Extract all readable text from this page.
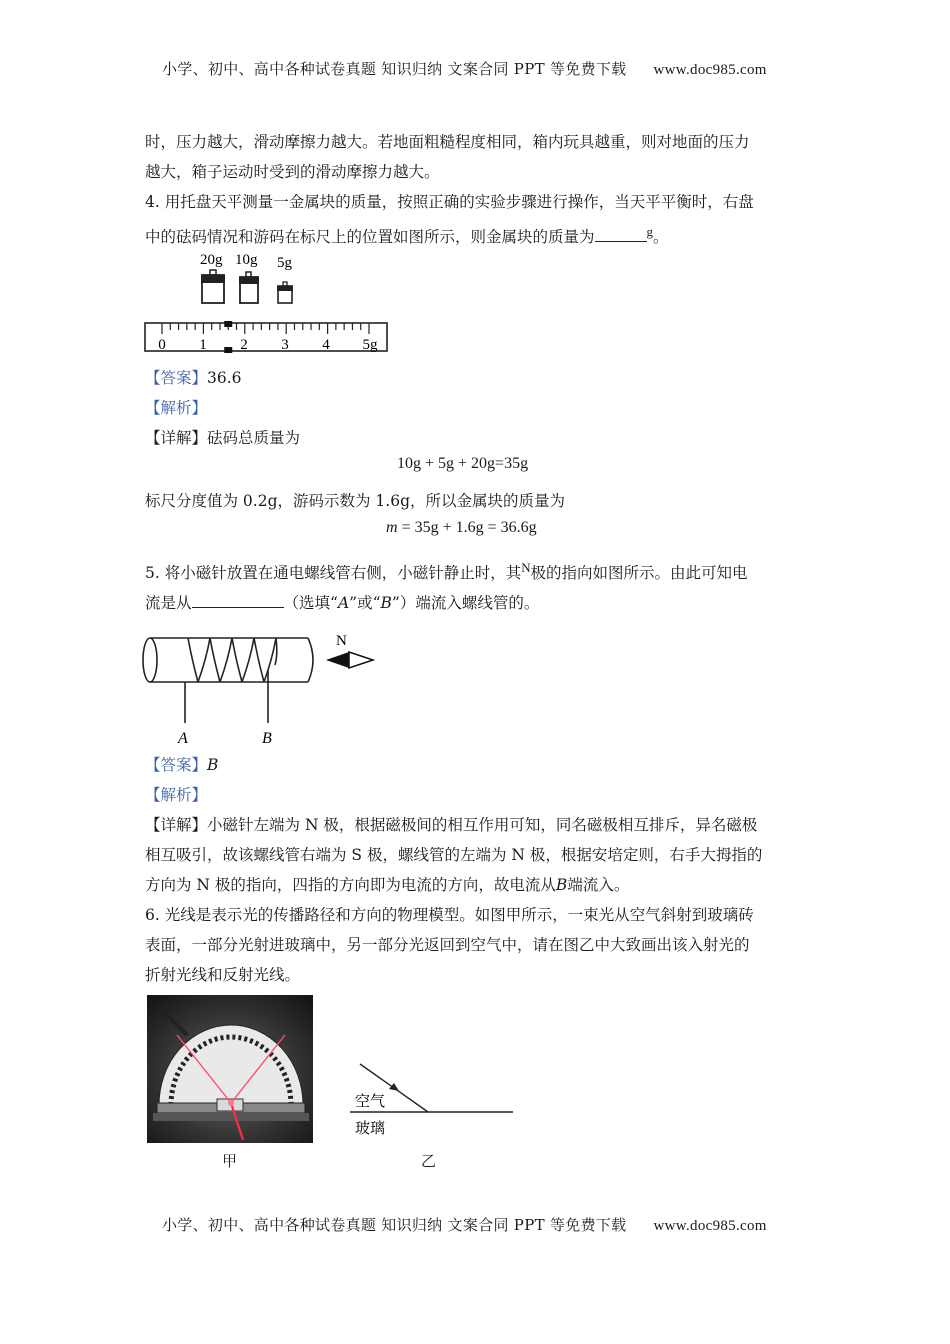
小学、初中、高中各种试卷真题 知识归纳 文案合同 PPT 等免费下载 www.doc985.com
时，压力越大，滑动摩擦力越大。若地面粗糙程度相同，箱内玩具越重，则对地面的压力
越大，箱子运动时受到的滑动摩擦力越大。
4. 用托盘天平测量一金属块的质量，按照正确的实验步骤进行操作，当天平平衡时，右盘
中的砝码情况和游码在标尺上的位置如图所示，则金属块的质量为	$^g$。
20g 10g 5g
0 1 2 3 4 5g
【答案】36.6
【解析】
【详解】砝码总质量为
10g + 5g + 20g=35g
标尺分度值为 0.2g，游码示数为 1.6g，所以金属块的质量为
m = 35g + 1.6g = 36.6g
5. 将小磁针放置在通电螺线管右侧，小磁针静止时，其$^N$极的指向如图所示。由此可知电
流是从	（选填“A”或“B”）端流入螺线管的。
A	B
N
【答案】B
【解析】
【详解】小磁针左端为 N 极，根据磁极间的相互作用可知，同名磁极相互排斥，异名磁极
相互吸引，故该螺线管右端为 S 极，螺线管的左端为 N 极，根据安培定则，右手大拇指的
方向为 N 极的指向，四指的方向即为电流的方向，故电流从B端流入。
6. 光线是表示光的传播路径和方向的物理模型。如图甲所示，一束光从空气斜射到玻璃砖
表面，一部分光射进玻璃中，另一部分光返回到空气中，请在图乙中大致画出该入射光的
折射光线和反射光线。
甲
空气
玻璃
乙
小学、初中、高中各种试卷真题 知识归纳 文案合同 PPT 等免费下载 www.doc985.com
